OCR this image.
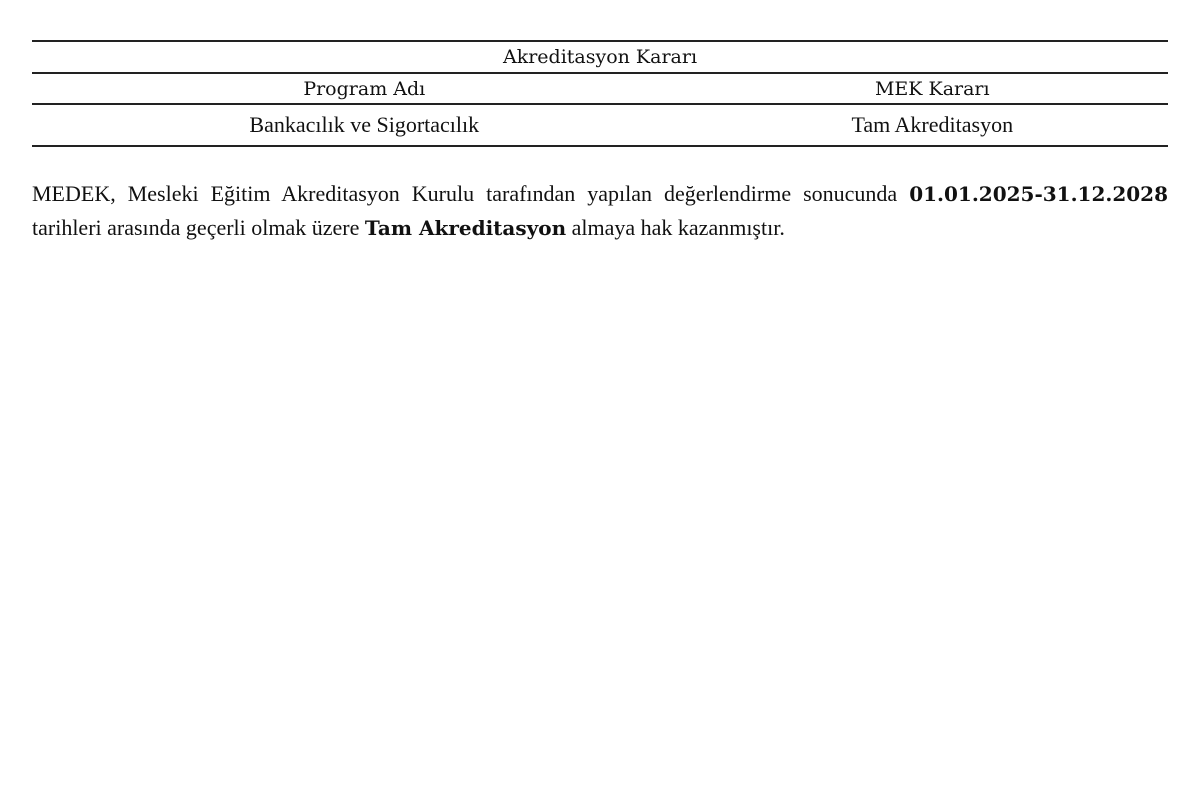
Akreditasyon Kararı	
Program Adı	MEK Kararı
Bankacılık ve Sigortacılık	Tam Akreditasyon

MEDEK, Mesleki Eğitim Akreditasyon Kurulu tarafından yapılan değerlendirme sonucunda 01.01.2025-31.12.2028 tarihleri arasında geçerli olmak üzere Tam Akreditasyon almaya hak kazanmıştır.
